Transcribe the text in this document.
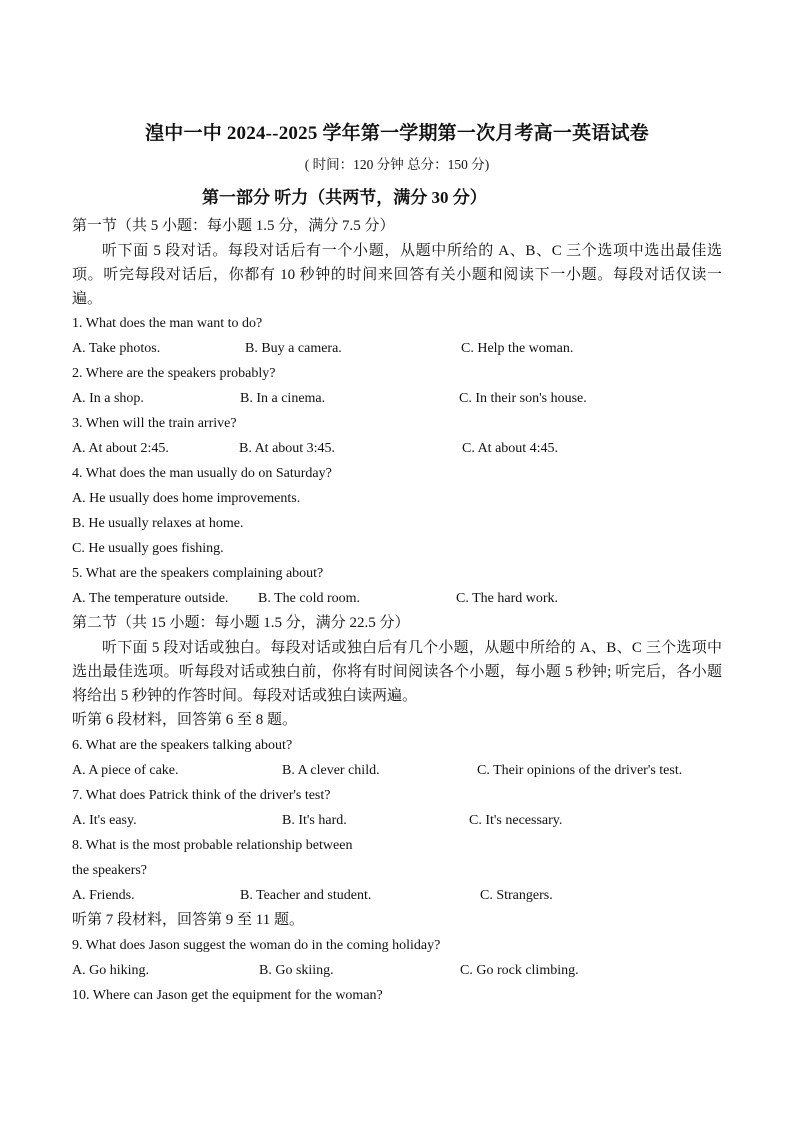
湟中一中 2024--2025 学年第一学期第一次月考高一英语试卷
( 时间：120 分钟 总分：150 分)
第一部分 听力（共两节，满分 30 分）
第一节（共 5 小题：每小题 1.5 分，满分 7.5 分）

听下面 5 段对话。每段对话后有一个小题，从题中所给的 A、B、C 三个选项中选出最佳选项。听完每段对话后，你都有 10 秒钟的时间来回答有关小题和阅读下一小题。每段对话仅读一遍。

1. What does the man want to do?
A. Take photos.	B. Buy a camera.	C. Help the woman.
2. Where are the speakers probably?
A. In a shop.	B. In a cinema.	C. In their son's house.
3. When will the train arrive?
A. At about 2:45.	B. At about 3:45.	C. At about 4:45.
4. What does the man usually do on Saturday?
A. He usually does home improvements.
B. He usually relaxes at home.
C. He usually goes fishing.
5. What are the speakers complaining about?
A. The temperature outside.	B. The cold room.	C. The hard work.
第二节（共 15 小题：每小题 1.5 分，满分 22.5 分）

听下面 5 段对话或独白。每段对话或独白后有几个小题，从题中所给的 A、B、C 三个选项中选出最佳选项。听每段对话或独白前，你将有时间阅读各个小题，每小题 5 秒钟; 听完后，各小题将给出 5 秒钟的作答时间。每段对话或独白读两遍。

听第 6 段材料，回答第 6 至 8 题。
6. What are the speakers talking about?
A. A piece of cake.	B. A clever child.	C. Their opinions of the driver's test.
7. What does Patrick think of the driver's test?
A. It's easy.	B. It's hard.	C. It's necessary.
8. What is the most probable relationship between
the speakers?
A. Friends.	B. Teacher and student.	C. Strangers.
听第 7 段材料，回答第 9 至 11 题。
9. What does Jason suggest the woman do in the coming holiday?
A. Go hiking.	B. Go skiing.	C. Go rock climbing.
10. Where can Jason get the equipment for the woman?
